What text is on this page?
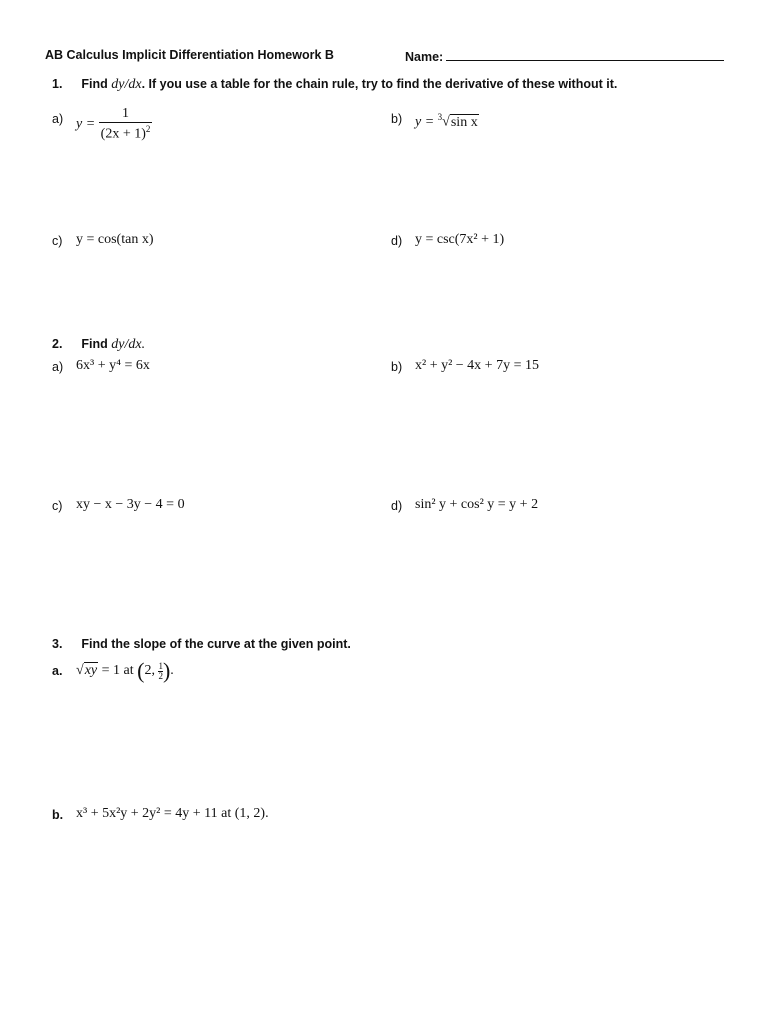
AB Calculus Implicit Differentiation Homework B	Name:
1. Find dy/dx. If you use a table for the chain rule, try to find the derivative of these without it.
a) $y = \frac{1}{(2x + 1)^2}$	b) y = $^3$√sin x
c) y = cos(tan x)	d) y = csc(7x² + 1)
2. Find dy/dx.
a) 6x³ + y⁴ = 6x	b) x² + y² − 4x + 7y = 15
c) xy − x − 3y − 4 = 0	d) sin² y + cos² y = y + 2
3. Find the slope of the curve at the given point.
a. √xy = 1 at (2, $\frac{1}{2}$ ).
b. x³ + 5x²y + 2y² = 4y + 11 at (1, 2).
